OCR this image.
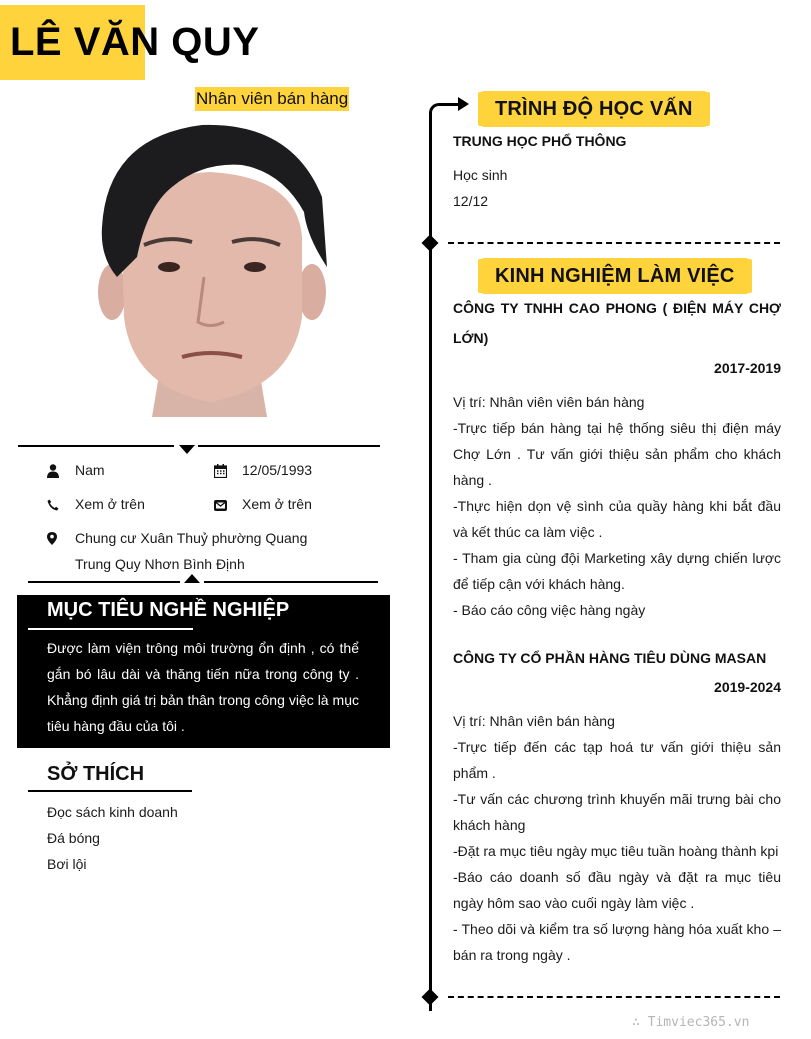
LÊ VĂN QUY
Nhân viên bán hàng
Nam	12/05/1993
Xem ở trên	Xem ở trên
Chung cư Xuân Thuỷ phường Quang
Trung Quy Nhơn Bình Định
MỤC TIÊU NGHỀ NGHIỆP

Được làm viện trông môi trường ổn định , có thể gắn bó lâu dài và thăng tiến nữa trong công ty . Khẳng định giá trị bản thân trong công việc là mục tiêu hàng đầu của tôi .

SỞ THÍCH
Đọc sách kinh doanh
Đá bóng
Bơi lội
TRÌNH ĐỘ HỌC VẤN
TRUNG HỌC PHỔ THÔNG
Học sinh
12/12
KINH NGHIỆM LÀM VIỆC
CÔNG TY TNHH CAO PHONG ( ĐIỆN MÁY CHỢ LỚN)
2017-2019
Vị trí: Nhân viên viên bán hàng
-Trực tiếp bán hàng tại hệ thống siêu thị điện máy Chợ Lớn . Tư vấn giới thiệu sản phẩm cho khách hàng .
-Thực hiện dọn vệ sình của quầy hàng khi bắt đầu và kết thúc ca làm việc .
- Tham gia cùng đội Marketing xây dựng chiến lược để tiếp cận với khách hàng.
- Báo cáo công việc hàng ngày
CÔNG TY CỔ PHẦN HÀNG TIÊU DÙNG MASAN
2019-2024
Vị trí: Nhân viên bán hàng
-Trực tiếp đến các tạp hoá tư vấn giới thiệu sản phẩm .
-Tư vấn các chương trình khuyến mãi trưng bài cho khách hàng
-Đặt ra mục tiêu ngày mục tiêu tuần hoàng thành kpi
-Báo cáo doanh số đầu ngày và đặt ra mục tiêu ngày hôm sao vào cuối ngày làm việc .
- Theo dõi và kiểm tra số lượng hàng hóa xuất kho – bán ra trong ngày .
∴ Timviec365.vn
